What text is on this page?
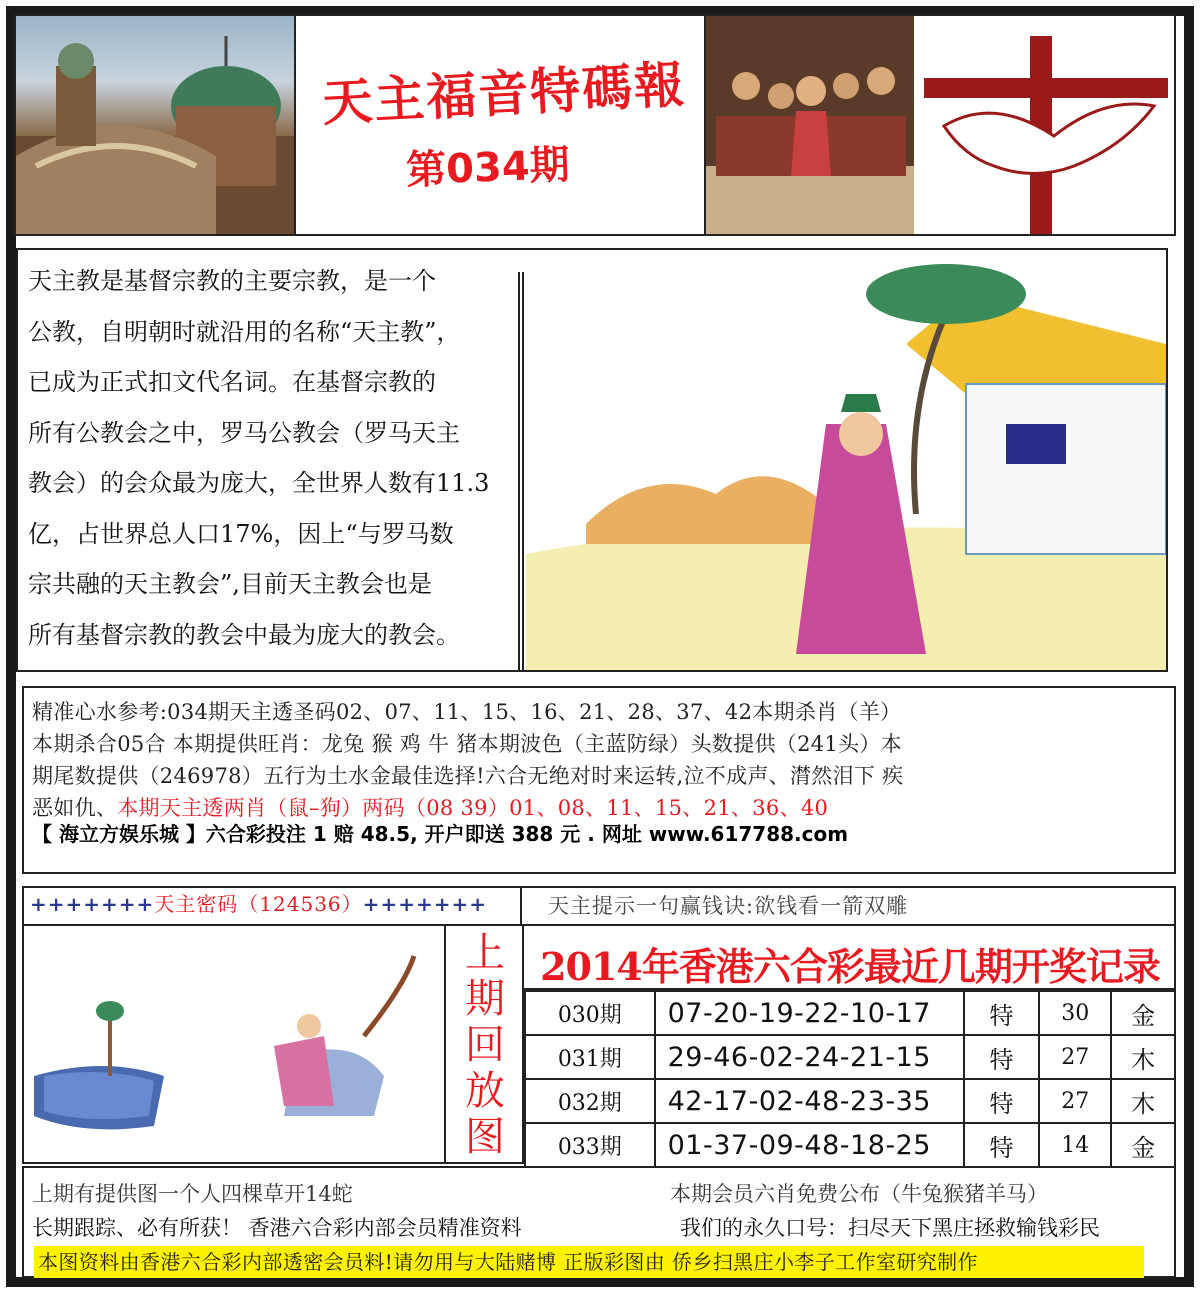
天主福音特碼報
第034期
天主教是基督宗教的主要宗教，是一个
公教，自明朝时就沿用的名称“天主教”，
已成为正式扣文代名词。在基督宗教的
所有公教会之中，罗马公教会（罗马天主
教会）的会众最为庞大，全世界人数有11.3
亿，占世界总人口17%，因上“与罗马数
宗共融的天主教会”,目前天主教会也是
所有基督宗教的教会中最为庞大的教会。
精准心水参考:034期天主透圣码02、07、11、15、16、21、28、37、42本期杀肖（羊）
本期杀合05合 本期提供旺肖：龙兔 猴 鸡 牛 猪本期波色（主蓝防绿）头数提供（241头）本
期尾数提供（246978）五行为土水金最佳选择!六合无绝对时来运转,泣不成声、潸然泪下 疾
恶如仇、本期天主透两肖（鼠–狗）两码（08 39）01、08、11、15、21、36、40
【 海立方娱乐城 】六合彩投注 1 赔 48.5, 开户即送 388 元 . 网址 www.617788.com
+++++++天主密码（124536）+++++++	天主提示一句赢钱诀:欲钱看一箭双雕
上
期
回
放
图
2014年香港六合彩最近几期开奖记录
030期	07-20-19-22-10-17	特	30	金
031期	29-46-02-24-21-15	特	27	木
032期	42-17-02-48-23-35	特	27	木
033期	01-37-09-48-18-25	特	14	金
上期有提供图一个人四棵草开14蛇	本期会员六肖免费公布（牛兔猴猪羊马）
长期跟踪、必有所获！ 香港六合彩内部会员精准资料	我们的永久口号：扫尽天下黑庄拯救输钱彩民
本图资料由香港六合彩内部透密会员料!请勿用与大陆赌博 正版彩图由 侨乡扫黑庄小李子工作室研究制作
